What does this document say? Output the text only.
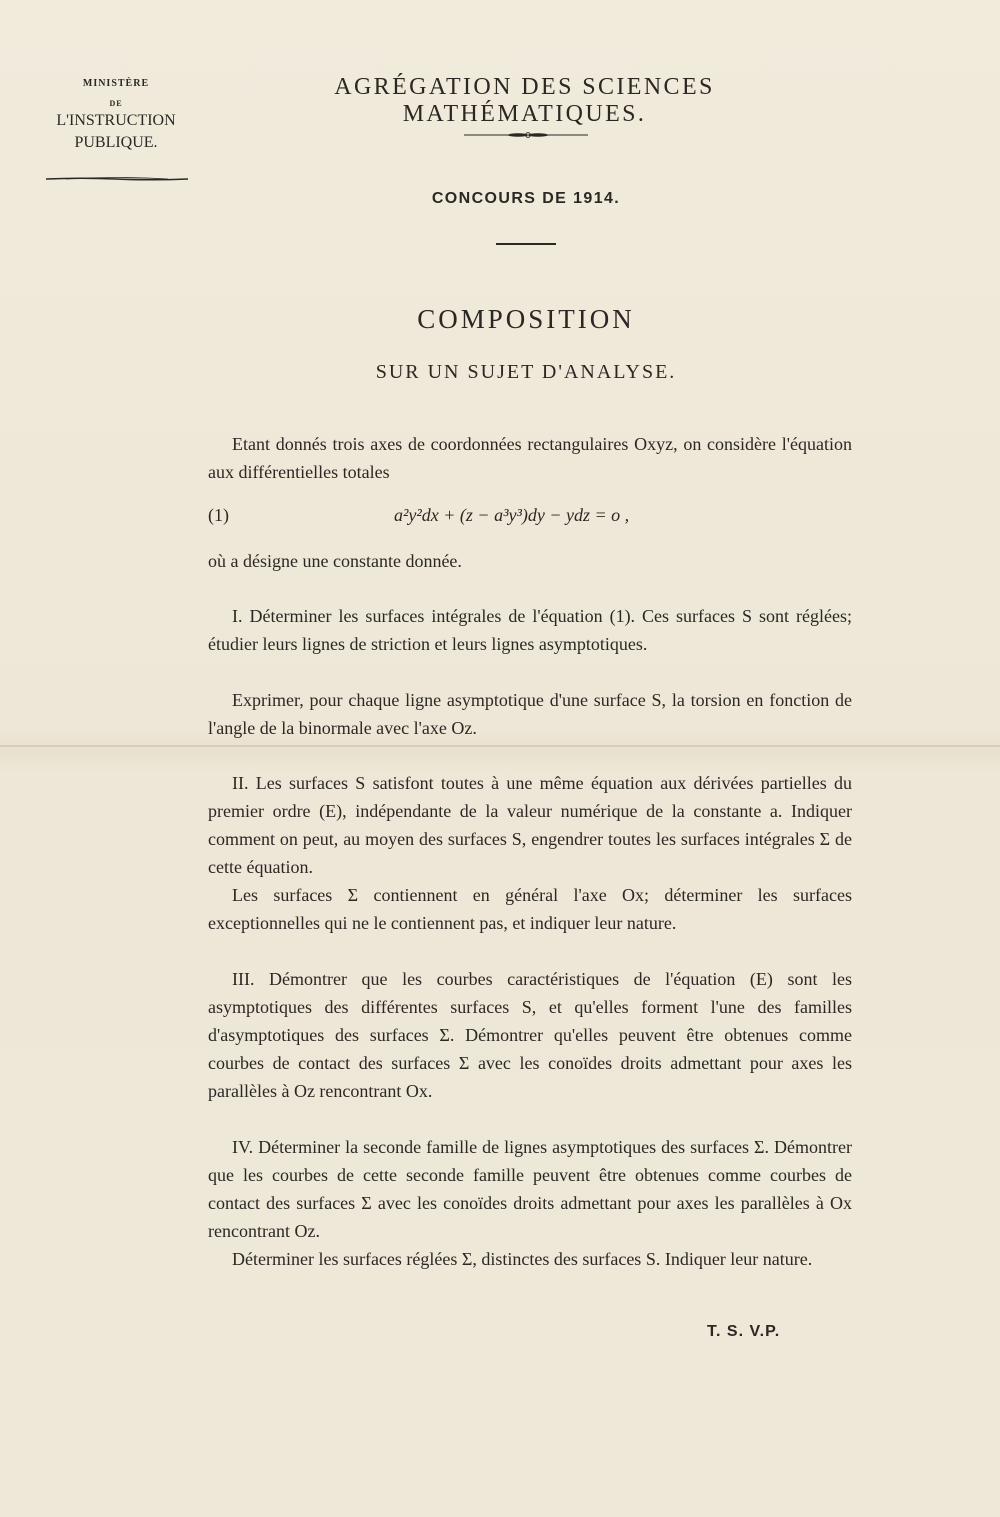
MINISTÈRE
DE
L'INSTRUCTION
PUBLIQUE.
AGRÉGATION DES SCIENCES MATHÉMATIQUES.
CONCOURS DE 1914.
COMPOSITION
SUR UN SUJET D'ANALYSE.
Etant donnés trois axes de coordonnées rectangulaires Oxyz, on considère l'équation aux différentielles totales
(1)	a²y²dx + (z − a³y³)dy − ydz = o ,
où a désigne une constante donnée.
I. Déterminer les surfaces intégrales de l'équation (1). Ces surfaces S sont réglées; étudier leurs lignes de striction et leurs lignes asymptotiques.
Exprimer, pour chaque ligne asymptotique d'une surface S, la torsion en fonction de l'angle de la binormale avec l'axe Oz.
II. Les surfaces S satisfont toutes à une même équation aux dérivées partielles du premier ordre (E), indépendante de la valeur numérique de la constante a. Indiquer comment on peut, au moyen des surfaces S, engendrer toutes les surfaces intégrales Σ de cette équation.
Les surfaces Σ contiennent en général l'axe Ox; déterminer les surfaces exceptionnelles qui ne le contiennent pas, et indiquer leur nature.
III. Démontrer que les courbes caractéristiques de l'équation (E) sont les asymptotiques des différentes surfaces S, et qu'elles forment l'une des familles d'asymptotiques des surfaces Σ. Démontrer qu'elles peuvent être obtenues comme courbes de contact des surfaces Σ avec les conoïdes droits admettant pour axes les parallèles à Oz rencontrant Ox.
IV. Déterminer la seconde famille de lignes asymptotiques des surfaces Σ. Démontrer que les courbes de cette seconde famille peuvent être obtenues comme courbes de contact des surfaces Σ avec les conoïdes droits admettant pour axes les parallèles à Ox rencontrant Oz.
Déterminer les surfaces réglées Σ, distinctes des surfaces S. Indiquer leur nature.
T. S. V.P.
